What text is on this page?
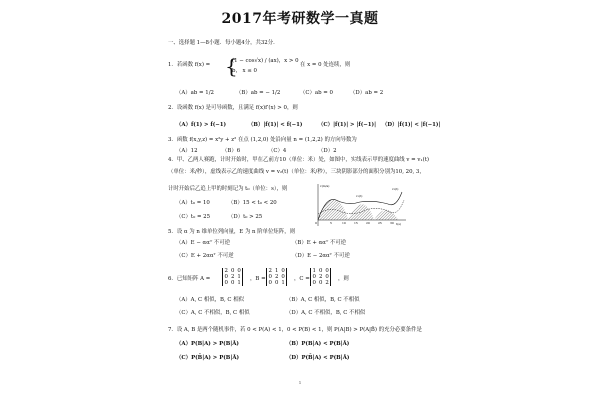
2017年考研数学一真题
一、选择题 1—8小题．每小题4分，共32分．
1．若函数 f(x) = {
(1 − cos√x) / (ax)，x > 0
b， x ≤ 0
在 x = 0 处连续，则
（A）ab = 1/2	（B）ab = − 1/2	（C）ab = 0	（D）ab = 2
2．设函数 f(x) 是可导函数，且满足 f(x)f′(x) > 0，则
（A）f(1) > f(−1)	（B）|f(1)| < f(−1)	（C）|f(1)| > |f(−1)| （D）|f(1)| < |f(−1)|
3．函数 f(x,y,z) = x²y + z² 在点 (1,2,0) 处沿向量 n = (1,2,2) 的方向导数为
（A）12	（B）6	（C）4	（D）2
4．甲、乙两人赛跑，计时开始时，甲在乙前方10（单位：米）处，如图中，实线表示甲的速度曲线 v = v₁(t)
（单位：米/秒），虚线表示乙的速度曲线 v = v₂(t)（单位：米/秒），三块阴影部分的面积分别为10, 20, 3，
计时开始后乙追上甲的时刻记为 t₀（单位：s），则
（A）t₀ = 10	（B）15 < t₀ < 20
（C）t₀ = 25	（D）t₀ > 25
v(m/s)
v₁(t)
v₂(t)
t(s)
0	5	10	15	20	25	30
5．设 α 为 n 维单位列向量，E 为 n 阶单位矩阵，则
（A）E − ααᵀ 不可逆	（B）E + ααᵀ 不可逆
（C）E + 2ααᵀ 不可逆	（D）E − 2ααᵀ 不可逆
6．已知矩阵 A =
2	0	0
0	2	1
0	0	1
，B =
2	1	0
0	2	0
0	0	1
，C =
1	0	0
0	2	0
0	0	2
，则
（A）A, C 相似，B, C 相似	（B）A, C 相似，B, C 不相似
（C）A, C 不相似，B, C 相似	（D）A, C 不相似，B, C 不相似
7．设 A, B 是两个随机事件，若 0 < P(A) < 1，0 < P(B) < 1，则 P(A|B) > P(A|B̄) 的充分必要条件是
（A）P(B|A) > P(B|Ā)	（B）P(B|A) < P(B|Ā)
（C）P(B̄|A) > P(B|Ā)	（D）P(B̄|A) < P(B|Ā)
1
